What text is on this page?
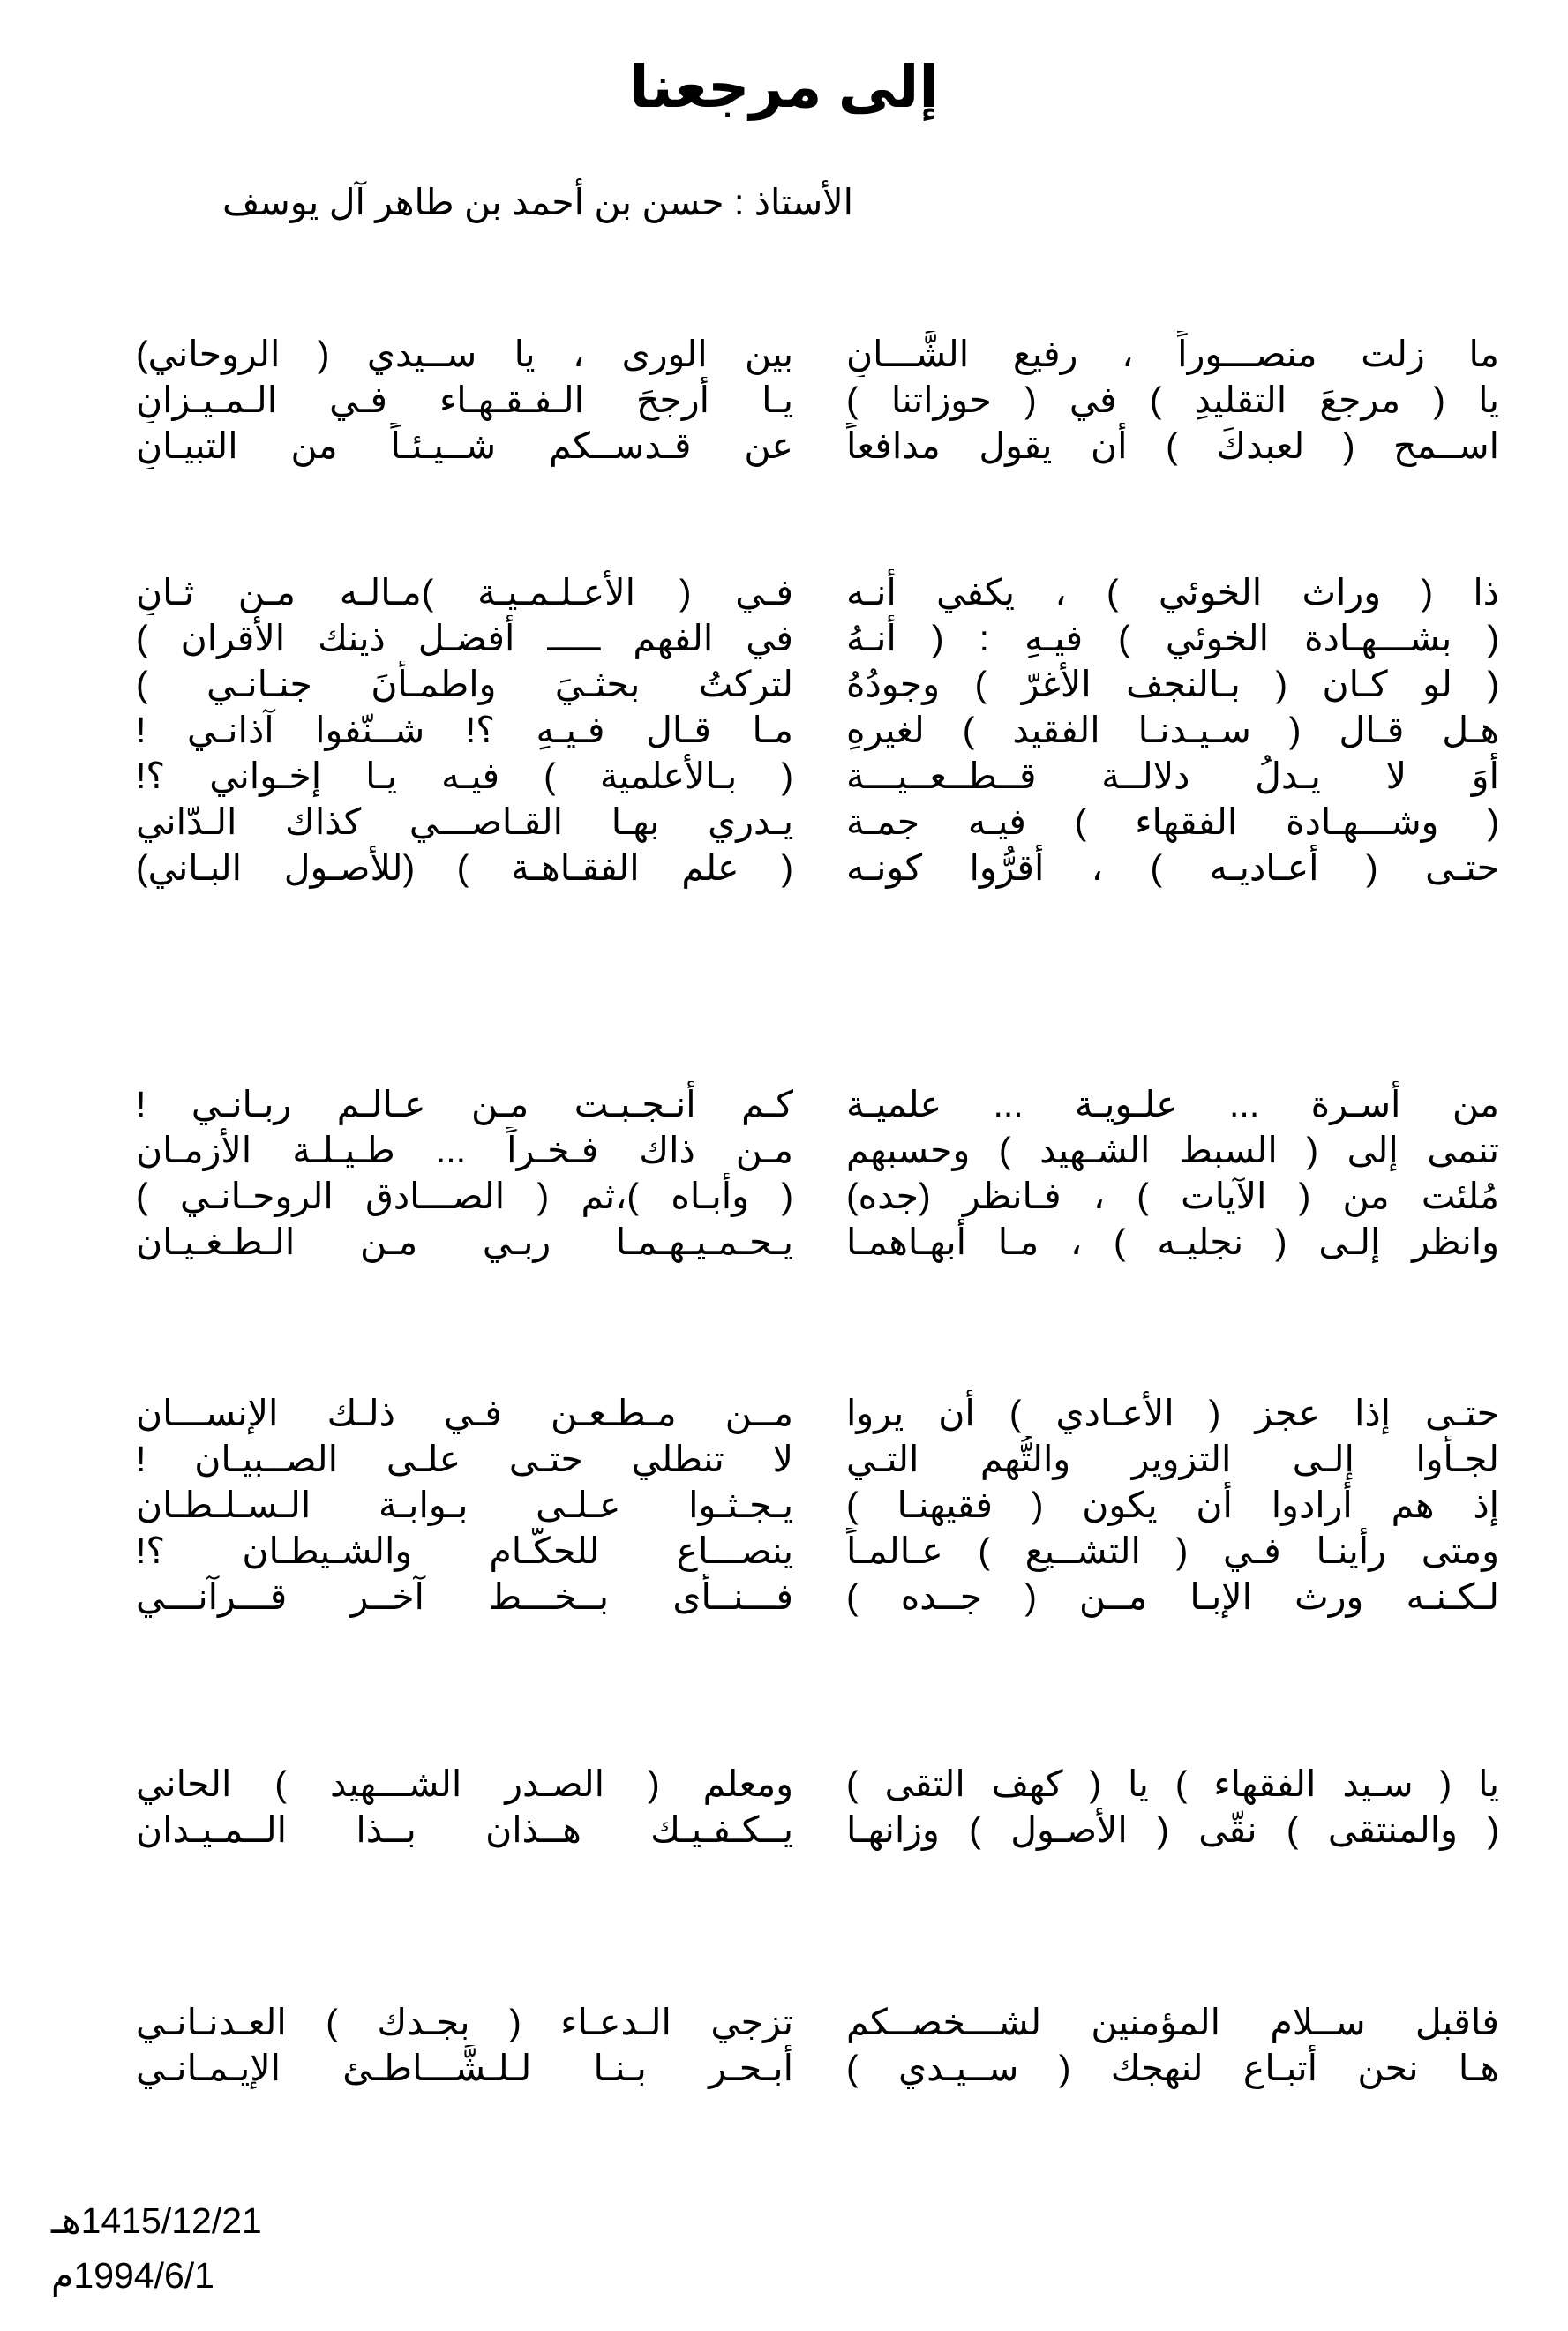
إلى مرجعنا
الأستاذ : حسن بن أحمد بن طاهر آل يوسف
ما زلت منصـــوراً ، رفيع الشَّـــانِ
بين الورى ، يا ســيدي ( الروحاني)
يا ( مرجعَ التقليدِ ) في ( حوزاتنا )
يـا أرجحَ الـفـقـهـاء فـي الـمـيـزانِ
اســمح ( لعبدكَ ) أن يقول مدافعاً
عن قـدســكم شــيـئـاً من التبيـانِ
ذا ( وراث الخوئي ) ، يكفي أنـه
فـي ( الأعـلـمـيـة )مـالـه مـن ثـانِ
( بشـــهـادة الخوئي ) فيـهِ : ( أنـهُ
في الفهم ـــــ أفضـل ذينك الأقران )
( لو كـان ( بـالنجف الأُغرّ ) وجودُهُ
لتركتُ بحثـيَ واطمـأنَ جنـانـي )
هـل قـال ( سـيـدنـا الفقيد ) لغيرهِ
مـا قـال فـيـهِ ؟! شــنّفوا آذانـي !
أَوَ لا يـدلُ دلالــة قــطــعــيـــة
( بـالأعلمية ) فيـه يـا إخـواني ؟!
( وشـــهـادة الفقهاء ) فيـه جمـة
يـدري بهـا القـاصـــي كذاك الـدّاني
حتـى ( أعـاديـه ) ، أقرُّوا كونـه
( علم الفقـاهـة ) (للأصـول البـاني)
من أسـرة ... علـويـة ... علميـة
كـم أنـجـبـت مـن عـالـم ربـانـي !
تنمى إلى ( السبط الشـهيد ) وحسبهم
مـن ذاك فـخـراً ... طـيـلـة الأزمـان
مُلئت من ( الآيات ) ، فـانظر (جده)
( وأبـاه )،ثم ( الصـــادق الروحـانـي )
وانظر إلـى ( نجليـه ) ، مـا أبهـاهمـا
يـحـمـيـهـمـا ربـي مـن الـطـغـيـان
حتـى إذا عجز ( الأعـادي ) أن يروا
مــن مـطـعـن فـي ذلـك الإنســـان
لجـأوا إلـى التزوير والتُّهم التـي
لا تنطلي حتـى علـى الصــبيـان !
إذ هم أرادوا أن يكون ( فقيهنـا )
يـجـثـوا عـلـى بـوابـة الـسـلـطـان
ومتى رأينـا فـي ( التشــيع ) عـالمـاً
ينصـــاع للحكَّـام والشـيطـان ؟!
لـكـنـه ورث الإبـا مــن ( جــده )
فـــنــأى بــخـــط آخــر قـــرآنـــي
يا ( سـيد الفقهاء ) يا ( كهف التقى )
ومعلم ( الصـدر الشـــهيد ) الحاني
( والمنتقى ) نقّى ( الأصـول ) وزانهـا
يــكـفـيـك هــذان بــذا الــمـيـدان
فاقبل ســلام المؤمنين لشـــخصــكم
تزجي الـدعـاء ( بجـدك ) العـدنـانـي
هـا نحن أتبـاع لنهجك ( ســيـدي )
أبـحـر بـنـا لـلـشَّـــاطـئ الإيـمـانـي
1415/12/21هـ
1994/6/1م
